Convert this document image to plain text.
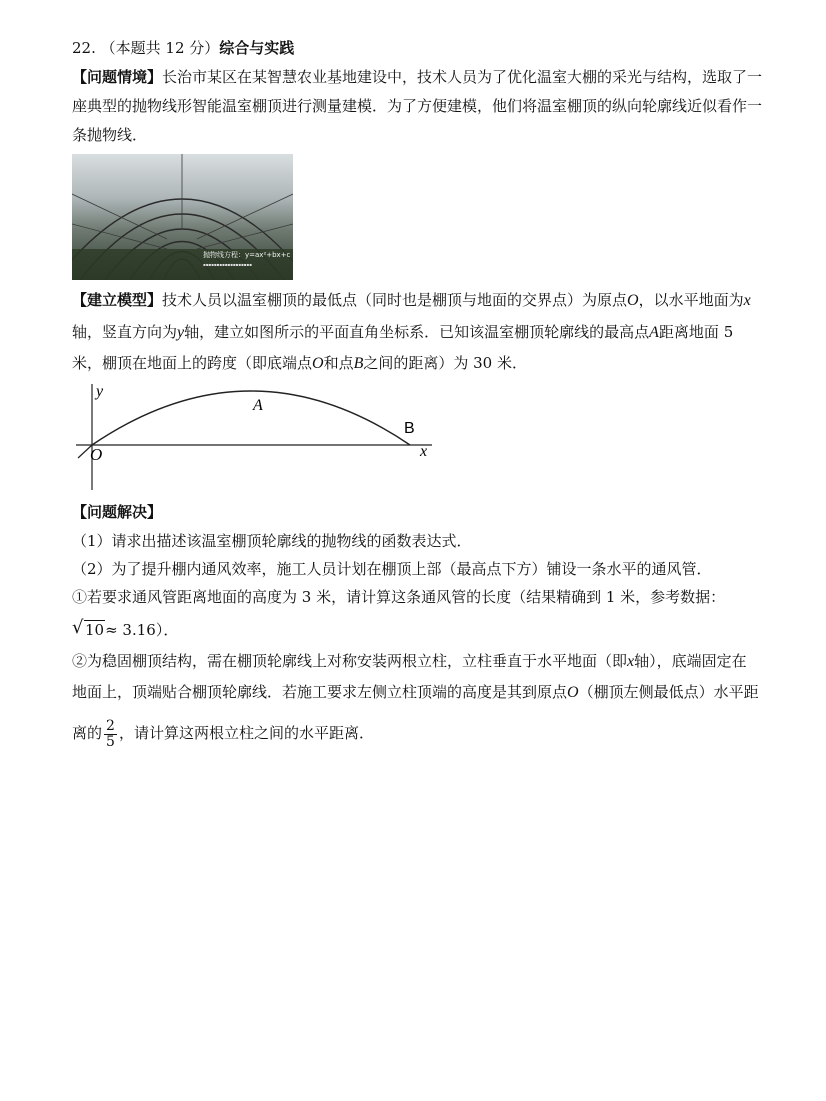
22. （本题共 12 分）综合与实践
【问题情境】长治市某区在某智慧农业基地建设中，技术人员为了优化温室大棚的采光与结构，选取了一
座典型的抛物线形智能温室棚顶进行测量建模．为了方便建模，他们将温室棚顶的纵向轮廓线近似看作一
条抛物线．
抛物线方程：y=ax²+bx+c
▪▪▪▪▪▪▪▪▪▪▪▪▪▪▪▪▪▪
【建立模型】技术人员以温室棚顶的最低点（同时也是棚顶与地面的交界点）为原点O，以水平地面为x
轴，竖直方向为y轴，建立如图所示的平面直角坐标系．已知该温室棚顶轮廓线的最高点A距离地面 5
米，棚顶在地面上的跨度（即底端点O和点B之间的距离）为 30 米．
y
x
O
A
B
【问题解决】
（1）请求出描述该温室棚顶轮廓线的抛物线的函数表达式．
（2）为了提升棚内通风效率，施工人员计划在棚顶上部（最高点下方）铺设一条水平的通风管．
①若要求通风管距离地面的高度为 3 米，请计算这条通风管的长度（结果精确到 1 米，参考数据：
√ 10≈ 3.16）．
②为稳固棚顶结构，需在棚顶轮廓线上对称安装两根立柱，立柱垂直于水平地面（即x轴），底端固定在
地面上，顶端贴合棚顶轮廓线．若施工要求左侧立柱顶端的高度是其到原点O（棚顶左侧最低点）水平距
离的 $\frac{2}{5}$ ，请计算这两根立柱之间的水平距离．
